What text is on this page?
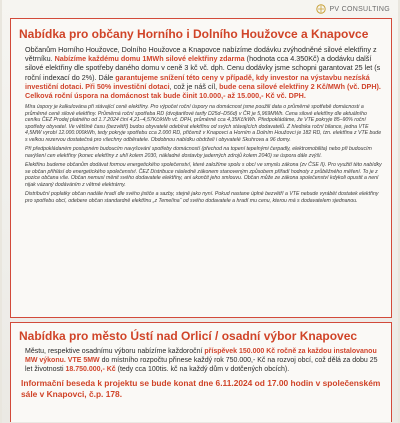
PV CONSULTING
Nabídka pro občany Horního i Dolního Houžovce a Knapovce
Občanům Horního Houžovce, Dolního Houžovce a Knapovce nabízíme dodávku zvýhodněné silové elektřiny z větrníku. Nabízíme každému domu 1MWh silové elektřiny zdarma (hodnota cca 4.350Kč) a dodávku další silové elektřiny dle spotřeby daného domu v ceně 3 kč vč. dph. Cenu dodávky jsme schopni garantovat 25 let (s roční indexací do 2%). Dále garantujeme snížení této ceny v případě, kdy investor na výstavbu nezíská investiční dotaci. Při 50% investiční dotaci, což je náš cíl, bude cena silové elektřiny 2 Kč/MWh (vč. DPH). Celková roční úspora na domácnost tak bude činit 10.000,- až 15.000,- Kč vč. DPH.
Míra úspory je kalkulována při stávající ceně elektřiny. Pro výpočet roční úspory na domácnost jsme použili data o průměrné spotřebě domácnosti a průměrné ceně silové elektřiny. Průměrná roční spotřeba RD (dvojtarifové tarify D25d–D56d) v ČR je 5,969MWh. Cena silové elektřiny dle aktuálního ceníku ČEZ Prodej platného od 1.7.2024 činí 4,21–4,57Kč/kWh vč. DPH, průměrně cca 4,35Kč/kWh. Předpokládáme, že VTE pokryje 85–90% roční spotřeby obyvatel. Ve většině času (bezvětří) budou obyvatelé odebírat elektřinu od svých stávajících dodavatelů. Z hlediska roční bilance, jedna VTE 4,5MW vyrobí 12.000.000kWh, tedy pokryje spotřebu cca 2.000 RD, přičemž v Knapovci a Horním a Dolním Houžovci je 182 RD, tzn. elektřina z VTE bude s velkou rezervou dostatečná pro všechny odběratele. Obdobnou nabídku obdrželi i obyvatelé Skuhrova a 96 domy.
Při předpokládaném postupném budoucím navyšování spotřeby domácností (přechod na topení tepelnými čerpadly, elektromobilita) nebo při budoucím navýšení cen elektřiny (konec elektřiny z uhlí kolem 2030, nákladné dostavby jaderných zdrojů kolem 2040) se úspora dále zvýší.
Elektřinu budeme občanům dodávat formou energetického společenství, které založíme spolu s obcí ve smyslu zákona (zv ČSE II). Pro využití této nabídky se občan přihlásí do energetického společenství. ČEZ Distribuce následně zákonem stanoveným způsobem přiřadí hodnoty z průběžného měření. To je z pozice občana vše. Občan nemusí měnit svého dodavatele elektřiny, ani ukončit jeho smlouvu. Občan může ze zákona společenství kdykoli opustit a není nijak vázaný dodáváním z větrné elektrárny.
Distribuční poplatky občan nadále hradí dle svého jističe a sazby, stejně jako nyní. Pokud nastane úplné bezvětří a VTE nebude vyrábět dostatek elektřiny pro spotřebu obcí, odebere občan standardně elektřinu „z Temelína“ od svého dodavatele a hradí mu cenu, kterou má s dodavatelem sjednanou.
Nabídka pro město Ústí nad Orlicí / osadní výbor Knapovec
Městu, respektive osadnímu výboru nabízíme každoroční příspěvek 150.000 Kč ročně za každou instalovanou MW výkonu. VTE 5MW do místního rozpočtu přinese každý rok 750.000,- Kč na rozvoj obcí, což dělá za dobu 25 let životnosti 18.750.000,- Kč (tedy cca 100tis. kč na každý dům v dotčených obcích).
Informační beseda k projektu se bude konat dne 6.11.2024 od 17.00 hodin v společenském sále v Knapovci, č.p. 178.
